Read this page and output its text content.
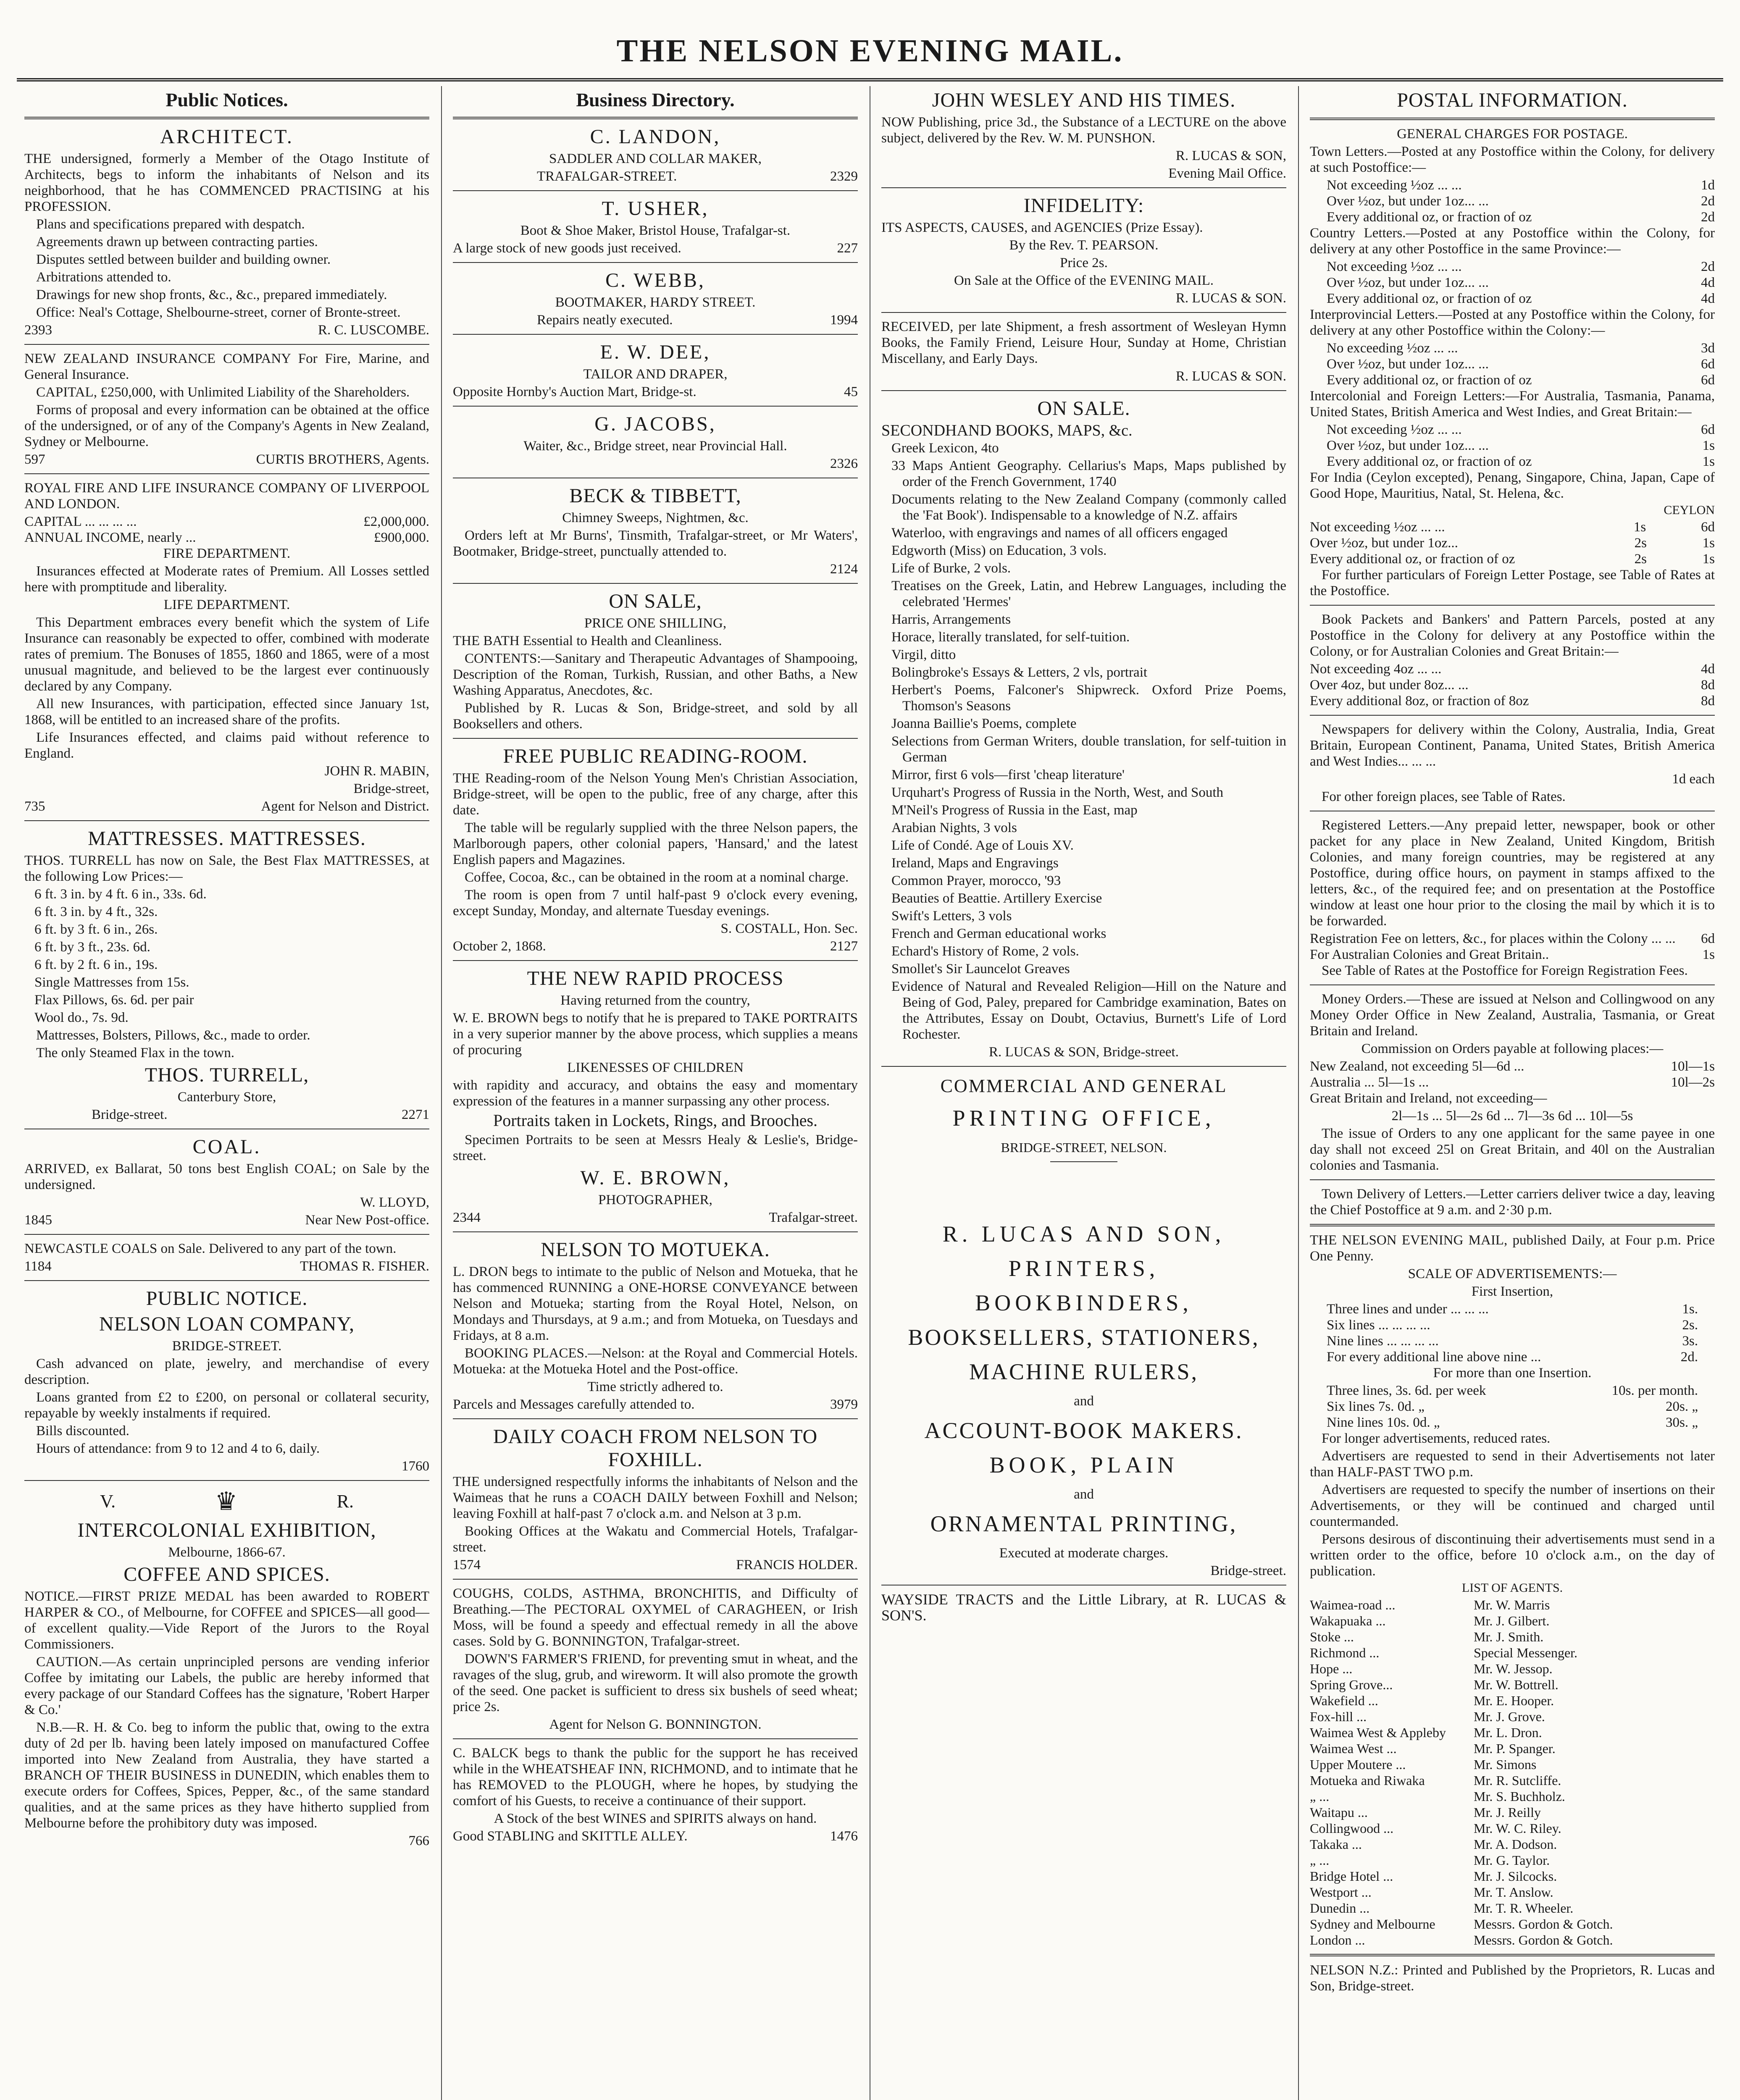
THE NELSON EVENING MAIL.
Public Notices.
ARCHITECT.

THE undersigned, formerly a Member of the Otago Institute of Architects, begs to inform the inhabitants of Nelson and its neighborhood, that he has COMMENCED PRACTISING at his PROFESSION.

Plans and specifications prepared with despatch.

Agreements drawn up between contracting parties.

Disputes settled between builder and building owner.

Arbitrations attended to.

Drawings for new shop fronts, &c., &c., prepared immediately.

Office: Neal's Cottage, Shelbourne-street, corner of Bronte-street.

2393	R. C. LUSCOMBE.

NEW ZEALAND INSURANCE COMPANY For Fire, Marine, and General Insurance.

CAPITAL, £250,000, with Unlimited Liability of the Shareholders.

Forms of proposal and every information can be obtained at the office of the undersigned, or of any of the Company's Agents in New Zealand, Sydney or Melbourne.

597	CURTIS BROTHERS, Agents.

ROYAL FIRE AND LIFE INSURANCE COMPANY OF LIVERPOOL AND LONDON.

CAPITAL ... ... ... ...	£2,000,000.
ANNUAL INCOME, nearly ...	£900,000.

FIRE DEPARTMENT.

Insurances effected at Moderate rates of Premium. All Losses settled here with promptitude and liberality.

LIFE DEPARTMENT.

This Department embraces every benefit which the system of Life Insurance can reasonably be expected to offer, combined with moderate rates of premium. The Bonuses of 1855, 1860 and 1865, were of a most unusual magnitude, and believed to be the largest ever continuously declared by any Company.

All new Insurances, with participation, effected since January 1st, 1868, will be entitled to an increased share of the profits.

Life Insurances effected, and claims paid without reference to England.

JOHN R. MABIN,

Bridge-street,

735	Agent for Nelson and District.
MATTRESSES. MATTRESSES.

THOS. TURRELL has now on Sale, the Best Flax MATTRESSES, at the following Low Prices:—

6 ft. 3 in. by 4 ft. 6 in., 33s. 6d.
6 ft. 3 in. by 4 ft., 32s.
6 ft. by 3 ft. 6 in., 26s.
6 ft. by 3 ft., 23s. 6d.
6 ft. by 2 ft. 6 in., 19s.
Single Mattresses from 15s.
Flax Pillows, 6s. 6d. per pair
Wool do., 7s. 9d.

Mattresses, Bolsters, Pillows, &c., made to order.

The only Steamed Flax in the town.

THOS. TURRELL,

Canterbury Store,

Bridge-street.	2271
COAL.

ARRIVED, ex Ballarat, 50 tons best English COAL; on Sale by the undersigned.

W. LLOYD,

1845	Near New Post-office.

NEWCASTLE COALS on Sale. Delivered to any part of the town.

1184	THOMAS R. FISHER.
PUBLIC NOTICE.
NELSON LOAN COMPANY,

BRIDGE-STREET.

Cash advanced on plate, jewelry, and merchandise of every description.

Loans granted from £2 to £200, on personal or collateral security, repayable by weekly instalments if required.

Bills discounted.

Hours of attendance: from 9 to 12 and 4 to 6, daily.

1760

V.	♛	R.
INTERCOLONIAL EXHIBITION,

Melbourne, 1866-67.

COFFEE AND SPICES.

NOTICE.—FIRST PRIZE MEDAL has been awarded to ROBERT HARPER & CO., of Melbourne, for COFFEE and SPICES—all good—of excellent quality.—Vide Report of the Jurors to the Royal Commissioners.

CAUTION.—As certain unprincipled persons are vending inferior Coffee by imitating our Labels, the public are hereby informed that every package of our Standard Coffees has the signature, 'Robert Harper & Co.'

N.B.—R. H. & Co. beg to inform the public that, owing to the extra duty of 2d per lb. having been lately imposed on manufactured Coffee imported into New Zealand from Australia, they have started a BRANCH OF THEIR BUSINESS in DUNEDIN, which enables them to execute orders for Coffees, Spices, Pepper, &c., of the same standard qualities, and at the same prices as they have hitherto supplied from Melbourne before the prohibitory duty was imposed.

766

Business Directory.
C. LANDON,

SADDLER AND COLLAR MAKER,

TRAFALGAR-STREET.	2329
T. USHER,

Boot & Shoe Maker, Bristol House, Trafalgar-st.

A large stock of new goods just received.	227
C. WEBB,

BOOTMAKER, HARDY STREET.

Repairs neatly executed.	1994
E. W. DEE,

TAILOR AND DRAPER,

Opposite Hornby's Auction Mart, Bridge-st.	45
G. JACOBS,

Waiter, &c., Bridge street, near Provincial Hall.

2326

BECK & TIBBETT,

Chimney Sweeps, Nightmen, &c.

Orders left at Mr Burns', Tinsmith, Trafalgar-street, or Mr Waters', Bootmaker, Bridge-street, punctually attended to.

2124

ON SALE,

PRICE ONE SHILLING,

THE BATH Essential to Health and Cleanliness.

CONTENTS:—Sanitary and Therapeutic Advantages of Shampooing, Description of the Roman, Turkish, Russian, and other Baths, a New Washing Apparatus, Anecdotes, &c.

Published by R. Lucas & Son, Bridge-street, and sold by all Booksellers and others.

FREE PUBLIC READING-ROOM.

THE Reading-room of the Nelson Young Men's Christian Association, Bridge-street, will be open to the public, free of any charge, after this date.

The table will be regularly supplied with the three Nelson papers, the Marlborough papers, other colonial papers, 'Hansard,' and the latest English papers and Magazines.

Coffee, Cocoa, &c., can be obtained in the room at a nominal charge.

The room is open from 7 until half-past 9 o'clock every evening, except Sunday, Monday, and alternate Tuesday evenings.

S. COSTALL, Hon. Sec.

October 2, 1868.	2127
THE NEW RAPID PROCESS

Having returned from the country,

W. E. BROWN begs to notify that he is prepared to TAKE PORTRAITS in a very superior manner by the above process, which supplies a means of procuring

LIKENESSES OF CHILDREN

with rapidity and accuracy, and obtains the easy and momentary expression of the features in a manner surpassing any other process.

Portraits taken in Lockets, Rings, and Brooches.

Specimen Portraits to be seen at Messrs Healy & Leslie's, Bridge-street.

W. E. BROWN,

PHOTOGRAPHER,

2344	Trafalgar-street.
NELSON TO MOTUEKA.

L. DRON begs to intimate to the public of Nelson and Motueka, that he has commenced RUNNING a ONE-HORSE CONVEYANCE between Nelson and Motueka; starting from the Royal Hotel, Nelson, on Mondays and Thursdays, at 9 a.m.; and from Motueka, on Tuesdays and Fridays, at 8 a.m.

BOOKING PLACES.—Nelson: at the Royal and Commercial Hotels. Motueka: at the Motueka Hotel and the Post-office.

Time strictly adhered to.

Parcels and Messages carefully attended to.	3979
DAILY COACH FROM NELSON TO FOXHILL.

THE undersigned respectfully informs the inhabitants of Nelson and the Waimeas that he runs a COACH DAILY between Foxhill and Nelson; leaving Foxhill at half-past 7 o'clock a.m. and Nelson at 3 p.m.

Booking Offices at the Wakatu and Commercial Hotels, Trafalgar-street.

1574	FRANCIS HOLDER.

COUGHS, COLDS, ASTHMA, BRONCHITIS, and Difficulty of Breathing.—The PECTORAL OXYMEL of CARAGHEEN, or Irish Moss, will be found a speedy and effectual remedy in all the above cases. Sold by G. BONNINGTON, Trafalgar-street.

DOWN'S FARMER'S FRIEND, for preventing smut in wheat, and the ravages of the slug, grub, and wireworm. It will also promote the growth of the seed. One packet is sufficient to dress six bushels of seed wheat; price 2s.

Agent for Nelson G. BONNINGTON.

C. BALCK begs to thank the public for the support he has received while in the WHEATSHEAF INN, RICHMOND, and to intimate that he has REMOVED to the PLOUGH, where he hopes, by studying the comfort of his Guests, to receive a continuance of their support.

A Stock of the best WINES and SPIRITS always on hand.

Good STABLING and SKITTLE ALLEY.	1476
JOHN WESLEY AND HIS TIMES.

NOW Publishing, price 3d., the Substance of a LECTURE on the above subject, delivered by the Rev. W. M. PUNSHON.

R. LUCAS & SON,

Evening Mail Office.

INFIDELITY:

ITS ASPECTS, CAUSES, and AGENCIES (Prize Essay).

By the Rev. T. PEARSON.

Price 2s.

On Sale at the Office of the EVENING MAIL.

R. LUCAS & SON.

RECEIVED, per late Shipment, a fresh assortment of Wesleyan Hymn Books, the Family Friend, Leisure Hour, Sunday at Home, Christian Miscellany, and Early Days.

R. LUCAS & SON.

ON SALE.

SECONDHAND BOOKS, MAPS, &c.

Greek Lexicon, 4to
33 Maps Antient Geography. Cellarius's Maps, Maps published by order of the French Government, 1740
Documents relating to the New Zealand Company (commonly called the 'Fat Book'). Indispensable to a knowledge of N.Z. affairs
Waterloo, with engravings and names of all officers engaged
Edgworth (Miss) on Education, 3 vols.
Life of Burke, 2 vols.
Treatises on the Greek, Latin, and Hebrew Languages, including the celebrated 'Hermes'
Harris, Arrangements
Horace, literally translated, for self-tuition.
Virgil, ditto
Bolingbroke's Essays & Letters, 2 vls, portrait
Herbert's Poems, Falconer's Shipwreck. Oxford Prize Poems, Thomson's Seasons
Joanna Baillie's Poems, complete
Selections from German Writers, double translation, for self-tuition in German
Mirror, first 6 vols—first 'cheap literature'
Urquhart's Progress of Russia in the North, West, and South
M'Neil's Progress of Russia in the East, map
Arabian Nights, 3 vols
Life of Condé. Age of Louis XV.
Ireland, Maps and Engravings
Common Prayer, morocco, '93
Beauties of Beattie. Artillery Exercise
Swift's Letters, 3 vols
French and German educational works
Echard's History of Rome, 2 vols.
Smollet's Sir Launcelot Greaves
Evidence of Natural and Revealed Religion—Hill on the Nature and Being of God, Paley, prepared for Cambridge examination, Bates on the Attributes, Essay on Doubt, Octavius, Burnett's Life of Lord Rochester.

R. LUCAS & SON, Bridge-street.

COMMERCIAL AND GENERAL
PRINTING OFFICE,

BRIDGE-STREET, NELSON.

R. LUCAS AND SON,
PRINTERS,
BOOKBINDERS,
BOOKSELLERS, STATIONERS,
MACHINE RULERS,

and

ACCOUNT-BOOK MAKERS.
BOOK, PLAIN

and

ORNAMENTAL PRINTING,

Executed at moderate charges.

Bridge-street.

WAYSIDE TRACTS and the Little Library, at R. LUCAS & SON'S.

POSTAL INFORMATION.

GENERAL CHARGES FOR POSTAGE.

Town Letters.—Posted at any Postoffice within the Colony, for delivery at such Postoffice:—

Not exceeding ½oz ... ...	1d
Over ½oz, but under 1oz... ...	2d
Every additional oz, or fraction of oz	2d

Country Letters.—Posted at any Postoffice within the Colony, for delivery at any other Postoffice in the same Province:—

Not exceeding ½oz ... ...	2d
Over ½oz, but under 1oz... ...	4d
Every additional oz, or fraction of oz	4d

Interprovincial Letters.—Posted at any Postoffice within the Colony, for delivery at any other Postoffice within the Colony:—

No exceeding ½oz ... ...	3d
Over ½oz, but under 1oz... ...	6d
Every additional oz, or fraction of oz	6d

Intercolonial and Foreign Letters:—For Australia, Tasmania, Panama, United States, British America and West Indies, and Great Britain:—

Not exceeding ½oz ... ...	6d
Over ½oz, but under 1oz... ...	1s
Every additional oz, or fraction of oz	1s

For India (Ceylon excepted), Penang, Singapore, China, Japan, Cape of Good Hope, Mauritius, Natal, St. Helena, &c.

CEYLON

Not exceeding ½oz ... ...	1s	6d
Over ½oz, but under 1oz...	2s	1s
Every additional oz, or fraction of oz	2s	1s

For further particulars of Foreign Letter Postage, see Table of Rates at the Postoffice.

Book Packets and Bankers' and Pattern Parcels, posted at any Postoffice in the Colony for delivery at any Postoffice within the Colony, or for Australian Colonies and Great Britain:—

Not exceeding 4oz ... ...	4d
Over 4oz, but under 8oz... ...	8d
Every additional 8oz, or fraction of 8oz	8d

Newspapers for delivery within the Colony, Australia, India, Great Britain, European Continent, Panama, United States, British America and West Indies... ... ...

1d each

For other foreign places, see Table of Rates.

Registered Letters.—Any prepaid letter, newspaper, book or other packet for any place in New Zealand, United Kingdom, British Colonies, and many foreign countries, may be registered at any Postoffice, during office hours, on payment in stamps affixed to the letters, &c., of the required fee; and on presentation at the Postoffice window at least one hour prior to the closing the mail by which it is to be forwarded.

Registration Fee on letters, &c., for places within the Colony ... ... 6d
For Australian Colonies and Great Britain..	1s

See Table of Rates at the Postoffice for Foreign Registration Fees.

Money Orders.—These are issued at Nelson and Collingwood on any Money Order Office in New Zealand, Australia, Tasmania, or Great Britain and Ireland.

Commission on Orders payable at following places:—

New Zealand, not exceeding 5l—6d ...	10l—1s
Australia ... 5l—1s ...	10l—2s

Great Britain and Ireland, not exceeding—

2l—1s ... 5l—2s 6d ... 7l—3s 6d ... 10l—5s

The issue of Orders to any one applicant for the same payee in one day shall not exceed 25l on Great Britain, and 40l on the Australian colonies and Tasmania.

Town Delivery of Letters.—Letter carriers deliver twice a day, leaving the Chief Postoffice at 9 a.m. and 2·30 p.m.

THE NELSON EVENING MAIL, published Daily, at Four p.m. Price One Penny.

SCALE OF ADVERTISEMENTS:—

First Insertion,

Three lines and under ... ... ...	1s.
Six lines ... ... ... ...	2s.
Nine lines ... ... ... ...	3s.
For every additional line above nine ...	2d.

For more than one Insertion.

Three lines, 3s. 6d. per week	10s. per month.
Six lines 7s. 0d. „	20s. „
Nine lines 10s. 0d. „	30s. „

For longer advertisements, reduced rates.

Advertisers are requested to send in their Advertisements not later than HALF-PAST TWO p.m.

Advertisers are requested to specify the number of insertions on their Advertisements, or they will be continued and charged until countermanded.

Persons desirous of discontinuing their advertisements must send in a written order to the office, before 10 o'clock a.m., on the day of publication.

LIST OF AGENTS.

Waimea-road ...	Mr. W. Marris
Wakapuaka ...	Mr. J. Gilbert.
Stoke ...	Mr. J. Smith.
Richmond ...	Special Messenger.
Hope ...	Mr. W. Jessop.
Spring Grove...	Mr. W. Bottrell.
Wakefield ...	Mr. E. Hooper.
Fox-hill ...	Mr. J. Grove.
Waimea West & Appleby	Mr. L. Dron.
Waimea West ...	Mr. P. Spanger.
Upper Moutere ...	Mr. Simons
Motueka and Riwaka	Mr. R. Sutcliffe.
„ ...	Mr. S. Buchholz.
Waitapu ...	Mr. J. Reilly
Collingwood ...	Mr. W. C. Riley.
Takaka ...	Mr. A. Dodson.
„ ...	Mr. G. Taylor.
Bridge Hotel ...	Mr. J. Silcocks.
Westport ...	Mr. T. Anslow.
Dunedin ...	Mr. T. R. Wheeler.
Sydney and Melbourne	Messrs. Gordon & Gotch.
London ...	Messrs. Gordon & Gotch.

NELSON N.Z.: Printed and Published by the Proprietors, R. Lucas and Son, Bridge-street.
